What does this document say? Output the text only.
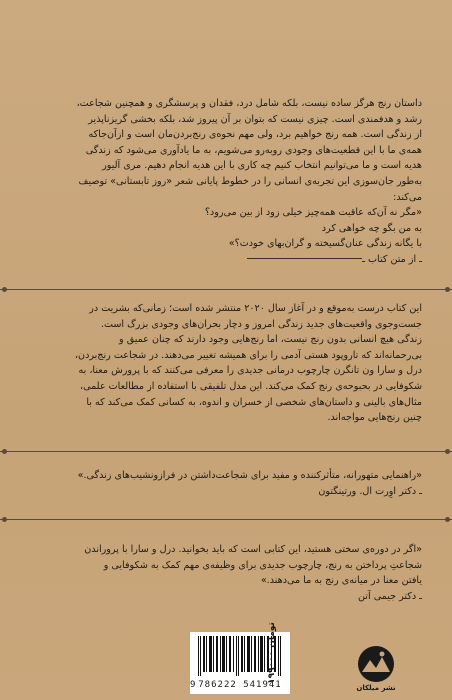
داستان رنج هرگز ساده نیست، بلکه شامل درد، فقدان و پرسشگری و همچنین شجاعت،

رشد و هدفمندی است. چیزی نیست که بتوان بر آن پیروز شد، بلکه بخشی گریزناپذیر

از زندگی است. همه رنج خواهیم برد، ولی مهم نحوه‌ی رنج‌بردن‌مان است و ازآن‌جاکه

همه‌ی ما با این قطعیت‌های وجودی روبه‌رو می‌شویم، به ما یادآوری می‌شود که زندگی

هدیه است و ما می‌توانیم انتخاب کنیم چه کاری با این هدیه انجام دهیم. مری آلیور

به‌طور جان‌سوزی این تجربه‌ی انسانی را در خطوط پایانی شعر «روز تابستانی» توصیف

می‌کند:

«مگر نه آن‌که عاقبت همه‌چیز خیلی زود از بین می‌رود؟

به من بگو چه خواهی کرد

با یگانه زندگی عنان‌گسیخته و گران‌بهای خودت؟»

ـ از متن کتاب ـ

این کتاب درست به‌موقع و در آغاز سال ۲۰۲۰ منتشر شده است؛ زمانی‌که بشریت در

جست‌وجوی واقعیت‌های جدید زندگی امروز و دچار بحران‌های وجودی بزرگ است.

زندگی هیچ انسانی بدون رنج نیست، اما رنج‌هایی وجود دارند که چنان عمیق و

بی‌رحمانه‌اند که تاروپود هستی آدمی را برای همیشه تغییر می‌دهند. در شجاعت رنج‌بردن،

درل و سارا ون تانگرن چارچوب درمانی جدیدی را معرفی می‌کنند که با پرورش معنا، به

شکوفایی در بحبوحه‌ی رنج کمک می‌کند. این مدل تلفیقی با استفاده از مطالعات علمی،

مثال‌های بالینی و داستان‌های شخصی از خسران و اندوه، به کسانی کمک می‌کند که با

چنین رنج‌هایی مواجه‌اند.

«راهنمایی متهورانه، متأثرکننده و مفید برای شجاعت‌داشتن در فرازونشیب‌های زندگی.»

ـ دکتر اوِرت ال. ورتینگتون

«اگر در دوره‌ی سختی هستید، این کتابی است که باید بخوانید. درل و سارا با پروراندن

شجاعتِ پرداختن به رنج، چارچوب جدیدی برای وظیفه‌ی مهم کمک به شکوفایی و

یافتن معنا در میانه‌ی رنج به ما می‌دهند.»

ـ دکتر جیمی آتن

9 786222 541941
۱۹۹۰۰۰ تومان
نشر میلکان
